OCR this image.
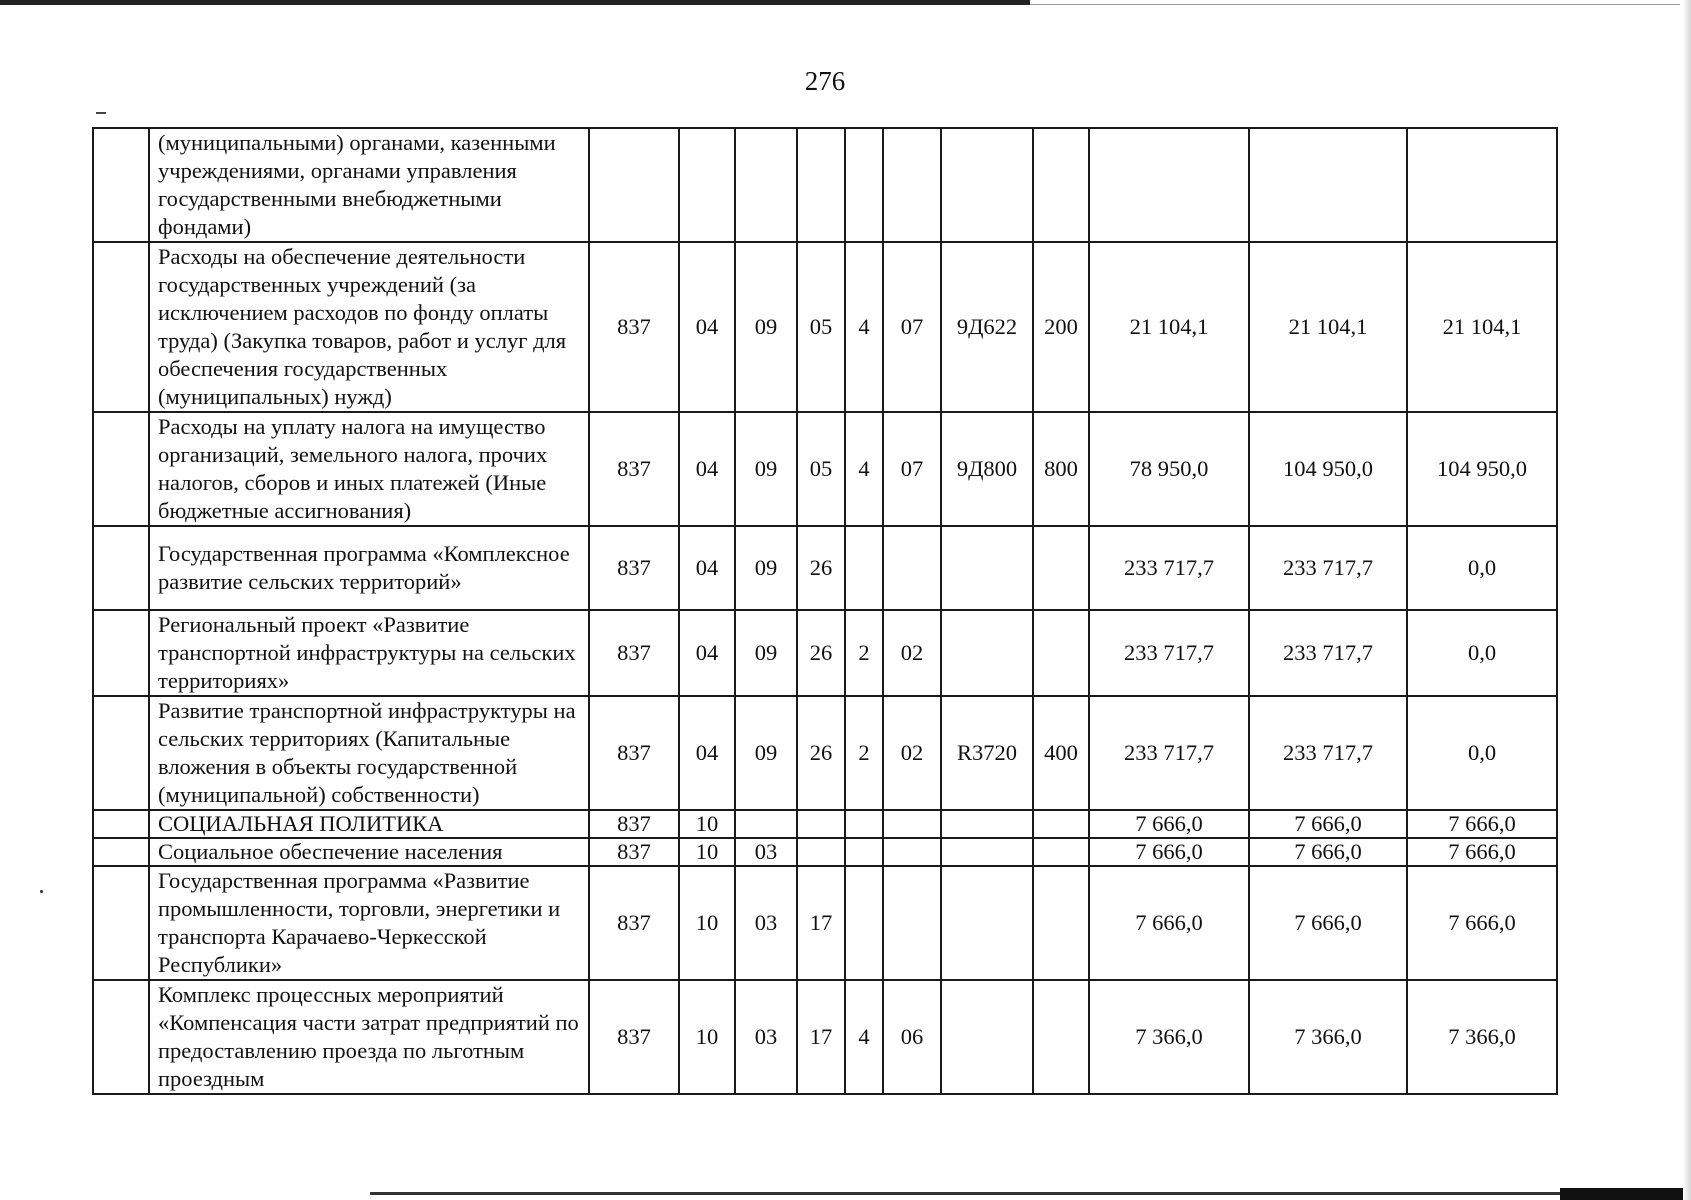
276
	(муниципальными) органами, казенными учреждениями, органами управления государственными внебюджетными фондами)											
	Расходы на обеспечение деятельности государственных учреждений (за исключением расходов по фонду оплаты труда) (Закупка товаров, работ и услуг для обеспечения государственных (муниципальных) нужд)	837	04	09	05	4	07	9Д622	200	21 104,1	21 104,1	21 104,1
	Расходы на уплату налога на имущество организаций, земельного налога, прочих налогов, сборов и иных платежей (Иные бюджетные ассигнования)	837	04	09	05	4	07	9Д800	800	78 950,0	104 950,0	104 950,0
	Государственная программа «Комплексное развитие сельских территорий»	837	04	09	26					233 717,7	233 717,7	0,0
	Региональный проект «Развитие транспортной инфраструктуры на сельских территориях»	837	04	09	26	2	02			233 717,7	233 717,7	0,0
	Развитие транспортной инфраструктуры на сельских территориях (Капитальные вложения в объекты государственной (муниципальной) собственности)	837	04	09	26	2	02	R3720	400	233 717,7	233 717,7	0,0
	СОЦИАЛЬНАЯ ПОЛИТИКА	837	10							7 666,0	7 666,0	7 666,0
	Социальное обеспечение населения	837	10	03						7 666,0	7 666,0	7 666,0
	Государственная программа «Развитие промышленности, торговли, энергетики и транспорта Карачаево-Черкесской Республики»	837	10	03	17					7 666,0	7 666,0	7 666,0
	Комплекс процессных мероприятий «Компенсация части затрат предприятий по предоставлению проезда по льготным проездным	837	10	03	17	4	06			7 366,0	7 366,0	7 366,0
